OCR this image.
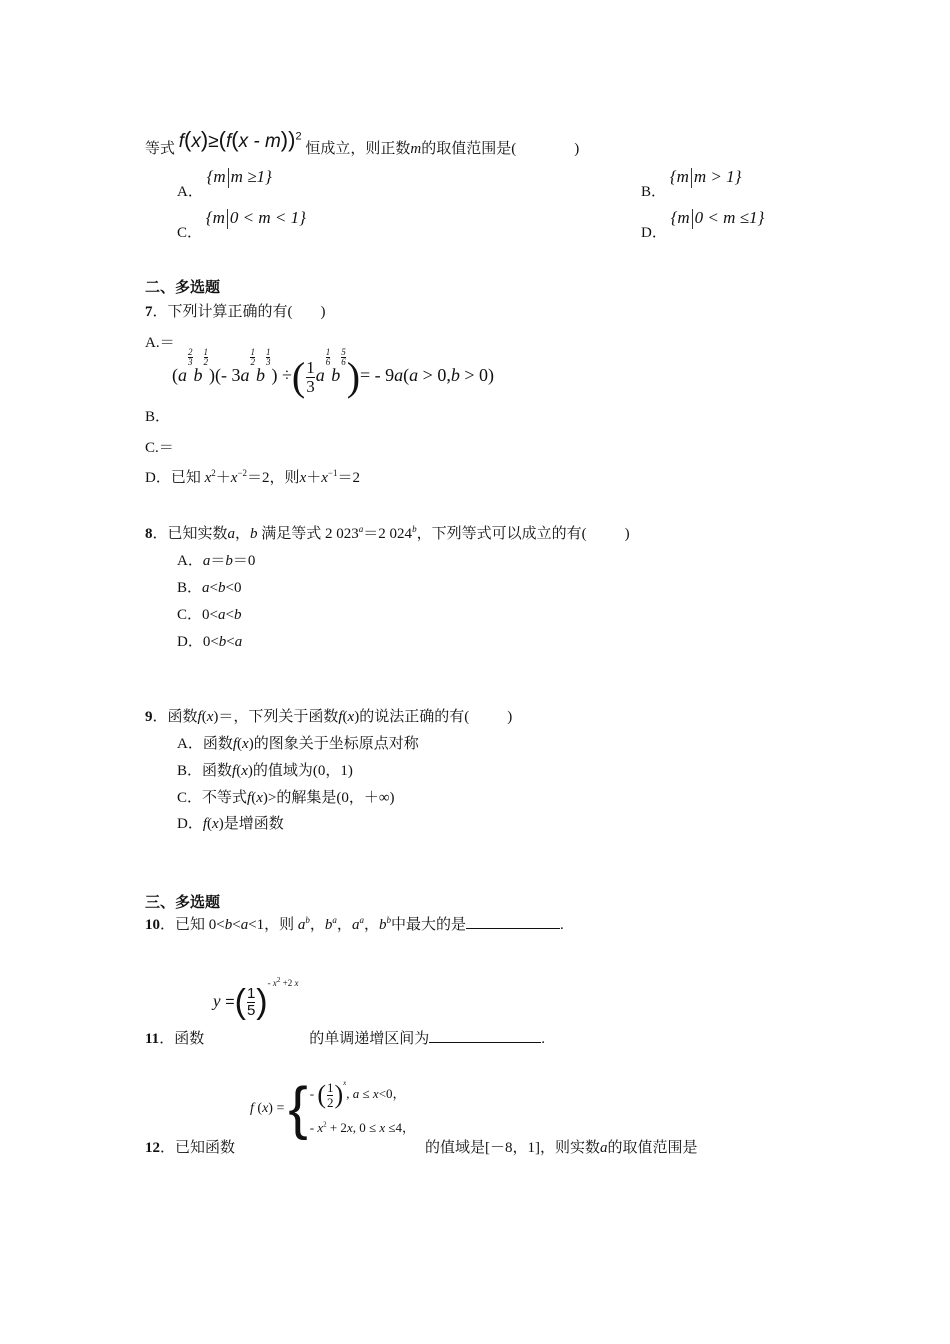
等式 f(x)≥(f(x - m))$^2$ 恒成立，则正数m的取值范围是(	)
A． {m m ≥1}
B． {m m > 1}
C． {m 0 < m < 1}
D． {m 0 < m ≤1}
二、多选题
7．下列计算正确的有( )
A.＝
(a
$\frac{2}{3}$
b
$\frac{1}{2}$
)(- 3a
$\frac{1}{2}$
b
$\frac{1}{3}$
) ÷( $\frac{1}{3}$ a
$\frac{1}{6}$
b
$\frac{5}{6}$ )= - 9a(a > 0,b > 0)
B．
C.＝
D．已知 $x^2+x^{-2}=2$，则$x+x^{-1}=2$
8．已知实数a，b 满足等式 2 $023^a=2$ 024$^b$，下列等式可以成立的有(	)
A．a＝b＝0
B．a<b<0
C．0<a<b
D．0<b<a
9．函数f(x)＝，下列关于函数f(x)的说法正确的有(	)
A．函数f(x)的图象关于坐标原点对称
B．函数f(x)的值域为(0，1)
C．不等式f(x)>的解集是(0，＋∞)
D．f(x)是增函数
三、多选题
10．已知 0<b<a<1，则 $a^b$，$b^a$，$a^a$，$b^b$中最大的是	.
y =( $\frac{1}{5} )^{- x^2 +2 x}$
11．函数	的单调递增区间为	.
f (x) = { - ( $\frac{1}{2} )^x$, a ≤ x<0，
- $x^2 + 2x$, 0 ≤ x ≤4，
12．已知函数	的值域是[－8，1]，则实数a的取值范围是
